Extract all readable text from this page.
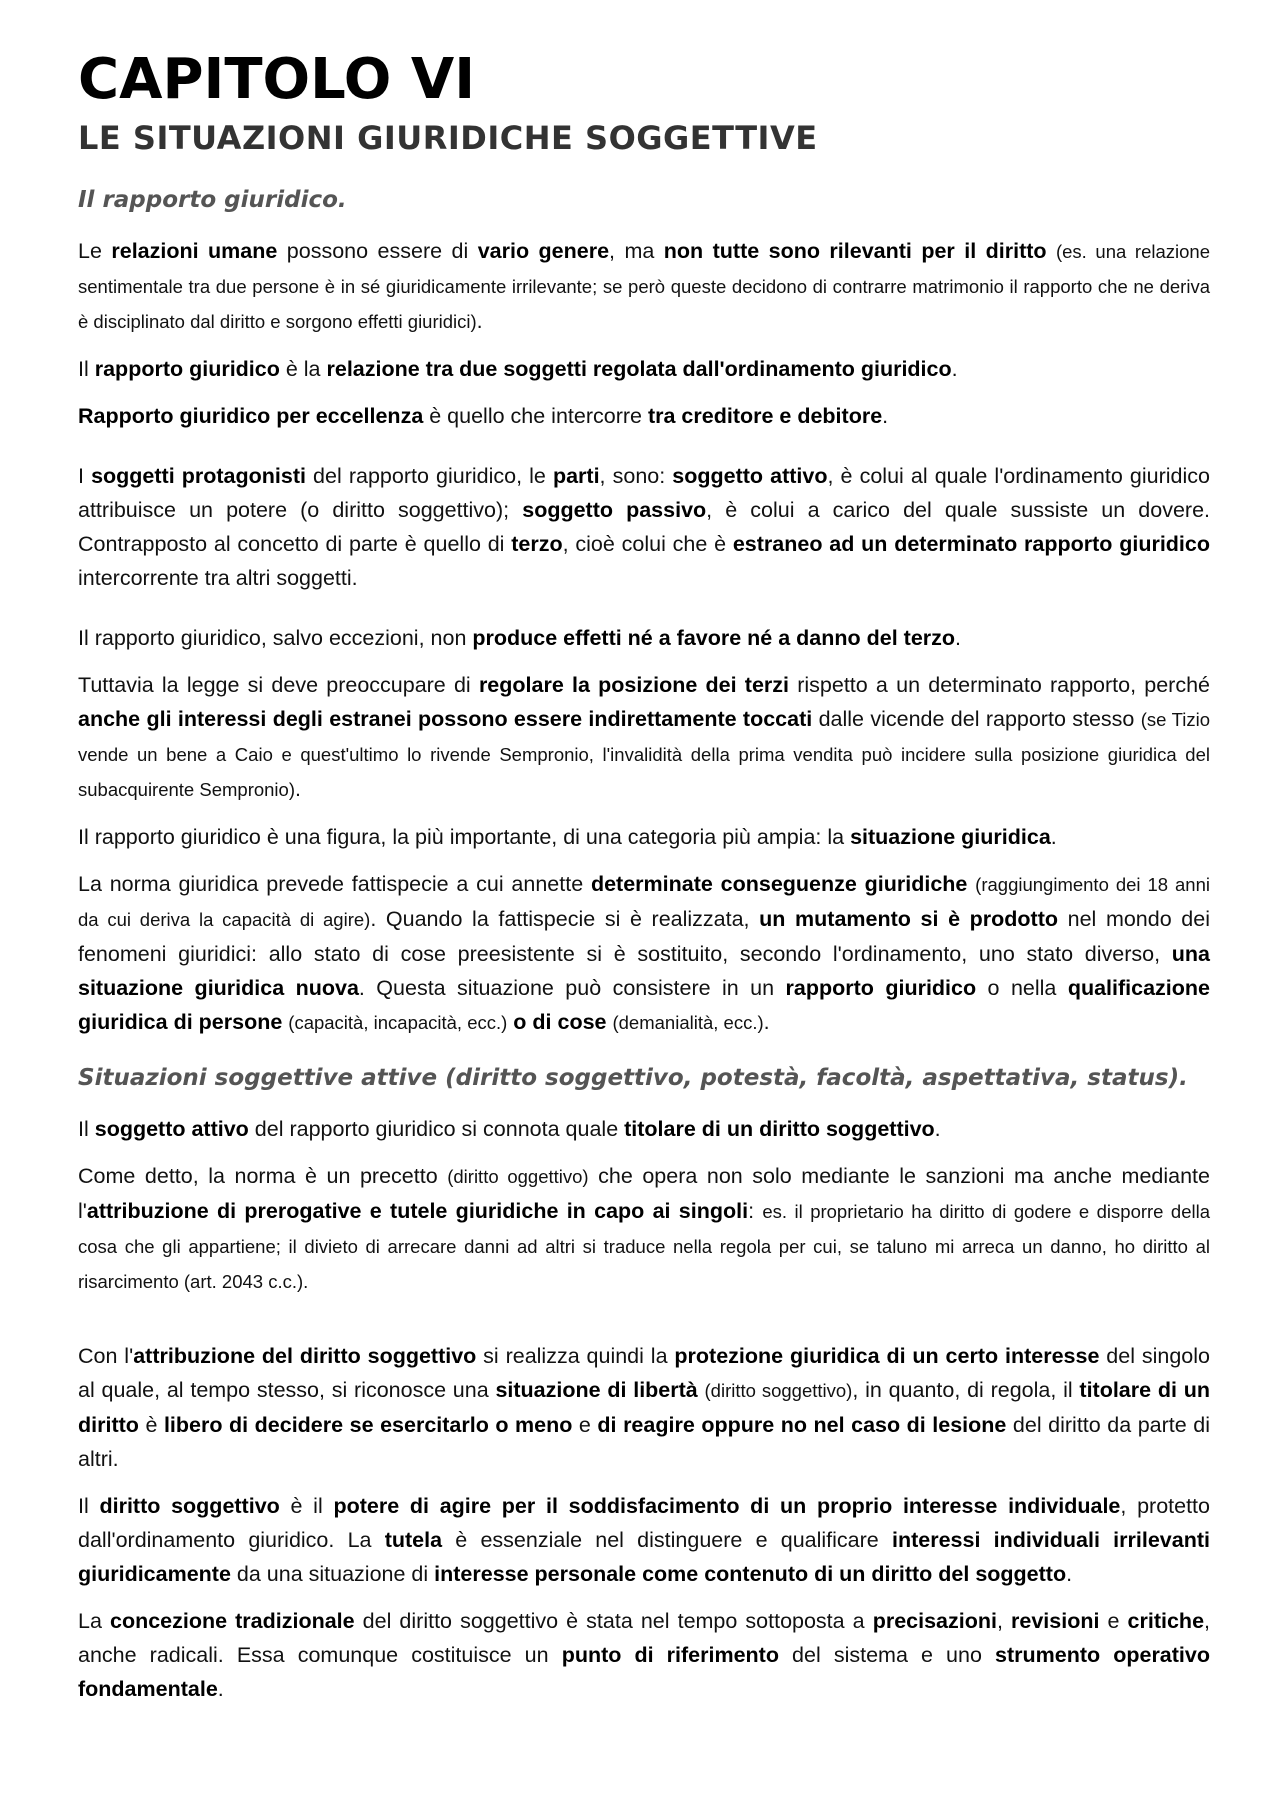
CAPITOLO VI
LE SITUAZIONI GIURIDICHE SOGGETTIVE
Il rapporto giuridico.

Le relazioni umane possono essere di vario genere, ma non tutte sono rilevanti per il diritto (es. una relazione sentimentale tra due persone è in sé giuridicamente irrilevante; se però queste decidono di contrarre matrimonio il rapporto che ne deriva è disciplinato dal diritto e sorgono effetti giuridici).

Il rapporto giuridico è la relazione tra due soggetti regolata dall'ordinamento giuridico.

Rapporto giuridico per eccellenza è quello che intercorre tra creditore e debitore.

I soggetti protagonisti del rapporto giuridico, le parti, sono: soggetto attivo, è colui al quale l'ordinamento giuridico attribuisce un potere (o diritto soggettivo); soggetto passivo, è colui a carico del quale sussiste un dovere. Contrapposto al concetto di parte è quello di terzo, cioè colui che è estraneo ad un determinato rapporto giuridico intercorrente tra altri soggetti.

Il rapporto giuridico, salvo eccezioni, non produce effetti né a favore né a danno del terzo.

Tuttavia la legge si deve preoccupare di regolare la posizione dei terzi rispetto a un determinato rapporto, perché anche gli interessi degli estranei possono essere indirettamente toccati dalle vicende del rapporto stesso (se Tizio vende un bene a Caio e quest'ultimo lo rivende Sempronio, l'invalidità della prima vendita può incidere sulla posizione giuridica del subacquirente Sempronio).

Il rapporto giuridico è una figura, la più importante, di una categoria più ampia: la situazione giuridica.

La norma giuridica prevede fattispecie a cui annette determinate conseguenze giuridiche (raggiungimento dei 18 anni da cui deriva la capacità di agire). Quando la fattispecie si è realizzata, un mutamento si è prodotto nel mondo dei fenomeni giuridici: allo stato di cose preesistente si è sostituito, secondo l'ordinamento, uno stato diverso, una situazione giuridica nuova. Questa situazione può consistere in un rapporto giuridico o nella qualificazione giuridica di persone (capacità, incapacità, ecc.) o di cose (demanialità, ecc.).

Situazioni soggettive attive (diritto soggettivo, potestà, facoltà, aspettativa, status).

Il soggetto attivo del rapporto giuridico si connota quale titolare di un diritto soggettivo.

Come detto, la norma è un precetto (diritto oggettivo) che opera non solo mediante le sanzioni ma anche mediante l'attribuzione di prerogative e tutele giuridiche in capo ai singoli: es. il proprietario ha diritto di godere e disporre della cosa che gli appartiene; il divieto di arrecare danni ad altri si traduce nella regola per cui, se taluno mi arreca un danno, ho diritto al risarcimento (art. 2043 c.c.).

Con l'attribuzione del diritto soggettivo si realizza quindi la protezione giuridica di un certo interesse del singolo al quale, al tempo stesso, si riconosce una situazione di libertà (diritto soggettivo), in quanto, di regola, il titolare di un diritto è libero di decidere se esercitarlo o meno e di reagire oppure no nel caso di lesione del diritto da parte di altri.

Il diritto soggettivo è il potere di agire per il soddisfacimento di un proprio interesse individuale, protetto dall'ordinamento giuridico. La tutela è essenziale nel distinguere e qualificare interessi individuali irrilevanti giuridicamente da una situazione di interesse personale come contenuto di un diritto del soggetto.

La concezione tradizionale del diritto soggettivo è stata nel tempo sottoposta a precisazioni, revisioni e critiche, anche radicali. Essa comunque costituisce un punto di riferimento del sistema e uno strumento operativo fondamentale.
